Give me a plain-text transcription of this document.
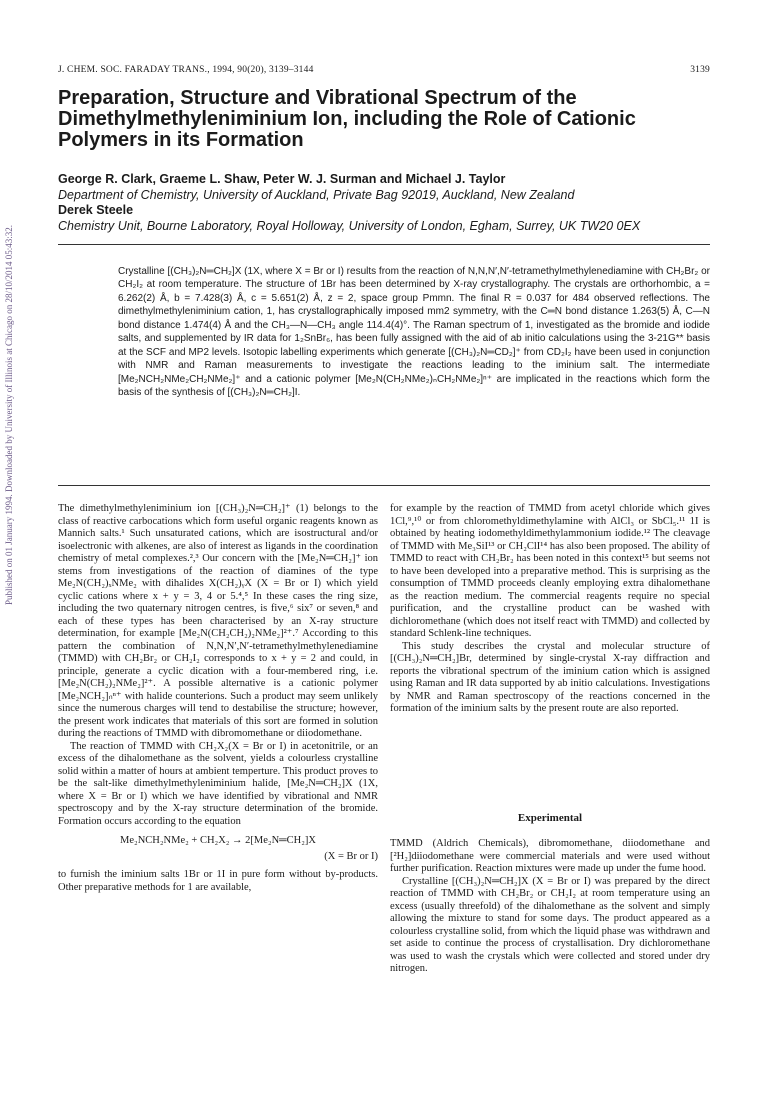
Published on 01 January 1994. Downloaded by University of Illinois at Chicago on 28/10/2014 05:43:32.
J. CHEM. SOC. FARADAY TRANS., 1994, 90(20), 3139–3144	3139
Preparation, Structure and Vibrational Spectrum of the Dimethylmethyleniminium Ion, including the Role of Cationic Polymers in its Formation
George R. Clark, Graeme L. Shaw, Peter W. J. Surman and Michael J. Taylor
Department of Chemistry, University of Auckland, Private Bag 92019, Auckland, New Zealand
Derek Steele
Chemistry Unit, Bourne Laboratory, Royal Holloway, University of London, Egham, Surrey, UK TW20 0EX

Crystalline [(CH₃)₂N═CH₂]X (1X, where X = Br or I) results from the reaction of N,N,N′,N′-tetramethylmethylenediamine with CH₂Br₂ or CH₂I₂ at room temperature. The structure of 1Br has been determined by X-ray crystallography. The crystals are orthorhombic, a = 6.262(2) Å, b = 7.428(3) Å, c = 5.651(2) Å, z = 2, space group Pmmn. The final R = 0.037 for 484 observed reflections. The dimethylmethyleniminium cation, 1, has crystallographically imposed mm2 symmetry, with the C═N bond distance 1.263(5) Å, C—N bond distance 1.474(4) Å and the CH₃—N—CH₃ angle 114.4(4)°. The Raman spectrum of 1, investigated as the bromide and iodide salts, and supplemented by IR data for 1₂SnBr₆, has been fully assigned with the aid of ab initio calculations using the 3-21G** basis at the SCF and MP2 levels. Isotopic labelling experiments which generate [(CH₃)₂N═CD₂]⁺ from CD₂I₂ have been used in conjunction with NMR and Raman measurements to investigate the reactions leading to the iminium salt. The intermediate [Me₂NCH₂NMe₂CH₂NMe₂]⁺ and a cationic polymer [Me₂N(CH₂NMe₂)ₙCH₂NMe₂]ⁿ⁺ are implicated in the reactions which form the basis of the synthesis of [(CH₃)₂N═CH₂]I.

The dimethylmethyleniminium ion [(CH₃)₂N═CH₂]⁺ (1) belongs to the class of reactive carbocations which form useful organic reagents known as Mannich salts.¹ Such unsaturated cations, which are isostructural and/or isoelectronic with alkenes, are also of interest as ligands in the coordination chemistry of metal complexes.²,³ Our concern with the [Me₂N═CH₂]⁺ ion stems from investigations of the reaction of diamines of the type Me₂N(CH₂)ₓNMe₂ with dihalides X(CH₂)ᵧX (X = Br or I) which yield cyclic cations where x + y = 3, 4 or 5.⁴,⁵ In these cases the ring size, including the two quaternary nitrogen centres, is five,⁶ six⁷ or seven,⁸ and each of these types has been characterised by an X-ray structure determination, for example [Me₂N(CH₂CH₂)₂NMe₂]²⁺.⁷ According to this pattern the combination of N,N,N′,N′-tetramethylmethylenediamine (TMMD) with CH₂Br₂ or CH₂I₂ corresponds to x + y = 2 and could, in principle, generate a cyclic dication with a four-membered ring, i.e. [Me₂N(CH₂)₂NMe₂]²⁺. A possible alternative is a cationic polymer [Me₂NCH₂]ₙⁿ⁺ with halide counterions. Such a product may seem unlikely since the numerous charges will tend to destabilise the structure; however, the present work indicates that materials of this sort are formed in solution during the reactions of TMMD with dibromomethane or diiodomethane.

The reaction of TMMD with CH₂X₂(X = Br or I) in acetonitrile, or an excess of the dihalomethane as the solvent, yields a colourless crystalline solid within a matter of hours at ambient temperture. This product proves to be the salt-like dimethylmethyleniminium halide, [Me₂N═CH₂]X (1X, where X = Br or I) which we have identified by vibrational and NMR spectroscopy and by the X-ray structure determination of the bromide. Formation occurs according to the equation

Me₂NCH₂NMe₂ + CH₂X₂ → 2[Me₂N═CH₂]X
(X = Br or I)

to furnish the iminium salts 1Br or 1I in pure form without by-products. Other preparative methods for 1 are available,

for example by the reaction of TMMD from acetyl chloride which gives 1Cl,⁹,¹⁰ or from chloromethyldimethylamine with AlCl₃ or SbCl₅.¹¹ 1I is obtained by heating iodomethyldimethylammonium iodide.¹² The cleavage of TMMD with Me₃SiI¹³ or CH₂ClI¹⁴ has also been proposed. The ability of TMMD to react with CH₂Br₂ has been noted in this context¹⁵ but seems not to have been developed into a preparative method. This is surprising as the consumption of TMMD proceeds cleanly employing extra dihalomethane as the reaction medium. The commercial reagents require no special purification, and the crystalline product can be washed with dichloromethane (which does not itself react with TMMD) and collected by standard Schlenk-line techniques.

This study describes the crystal and molecular structure of [(CH₃)₂N═CH₂]Br, determined by single-crystal X-ray diffraction and reports the vibrational spectrum of the iminium cation which is assigned using Raman and IR data supported by ab initio calculations. Investigations by NMR and Raman spectroscopy of the reactions concerned in the formation of the iminium salts by the present route are also reported.

Experimental

TMMD (Aldrich Chemicals), dibromomethane, diiodomethane and [²H₂]diiodomethane were commercial materials and were used without further purification. Reaction mixtures were made up under the fume hood.

Crystalline [(CH₃)₂N═CH₂]X (X = Br or I) was prepared by the direct reaction of TMMD with CH₂Br₂ or CH₂I₂ at room temperature using an excess (usually threefold) of the dihalomethane as the solvent and simply allowing the mixture to stand for some days. The product appeared as a colourless crystalline solid, from which the liquid phase was withdrawn and set aside to continue the process of crystallisation. Dry dichloromethane was used to wash the crystals which were collected and stored under dry nitrogen.
